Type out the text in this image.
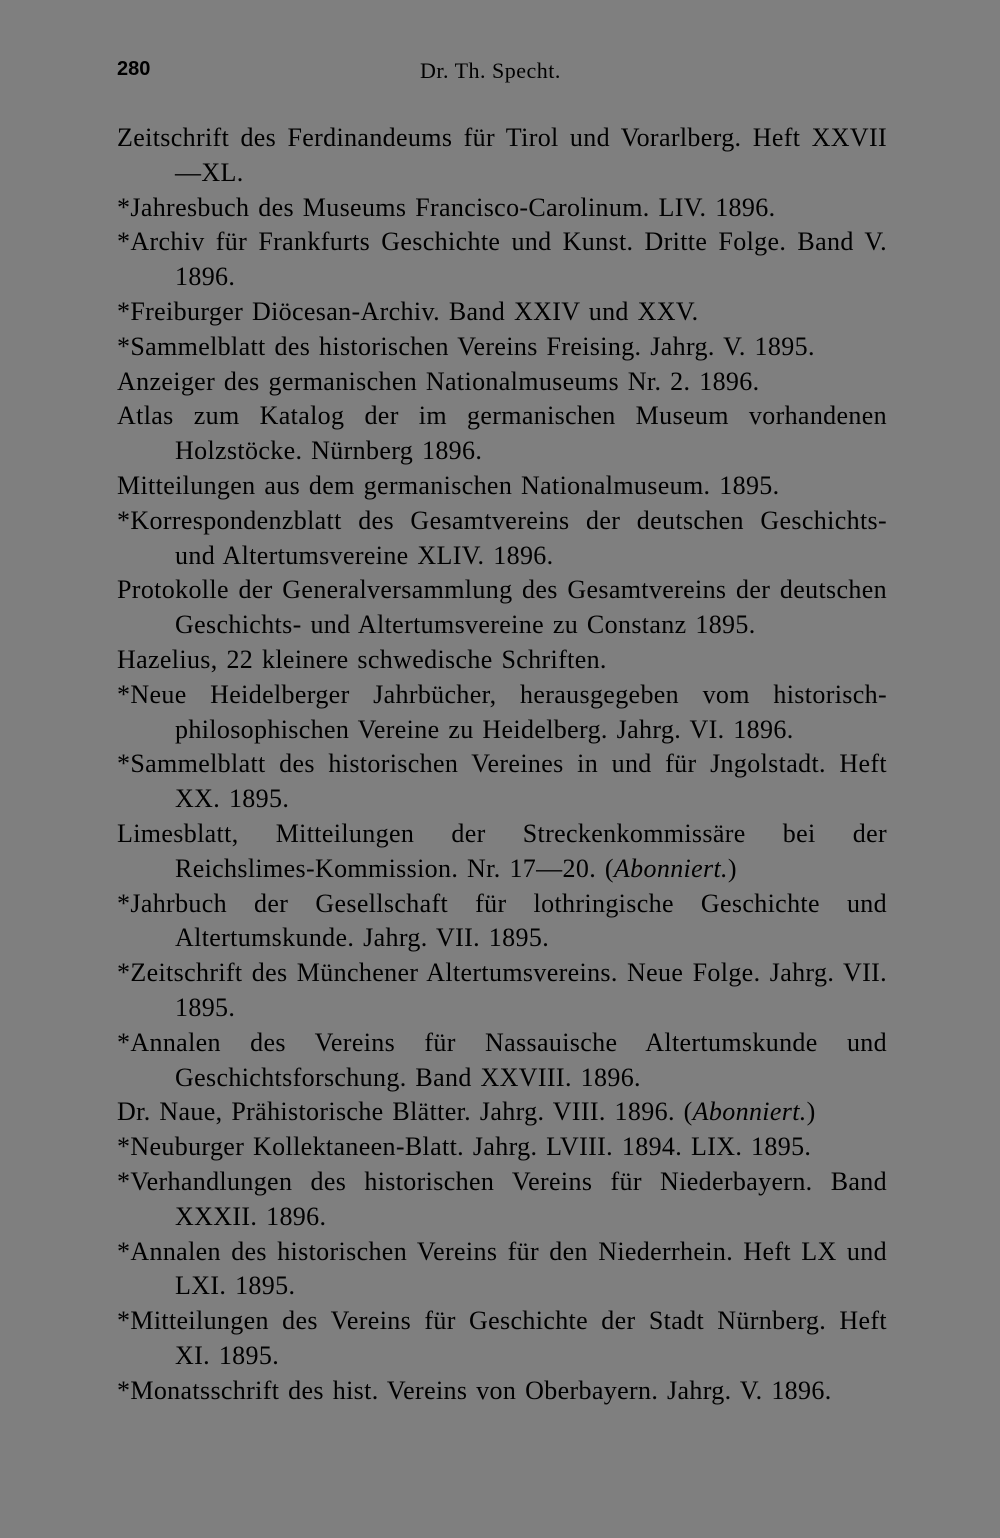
280	Dr. Th. Specht.
Zeitschrift des Ferdinandeums für Tirol und Vorarlberg. Heft XXVII—XL.
*Jahresbuch des Museums Francisco-Carolinum. LIV. 1896.
*Archiv für Frankfurts Geschichte und Kunst. Dritte Folge. Band V. 1896.
*Freiburger Diöcesan-Archiv. Band XXIV und XXV.
*Sammelblatt des historischen Vereins Freising. Jahrg. V. 1895.
Anzeiger des germanischen Nationalmuseums Nr. 2. 1896.
Atlas zum Katalog der im germanischen Museum vorhandenen Holzstöcke. Nürnberg 1896.
Mitteilungen aus dem germanischen Nationalmuseum. 1895.
*Korrespondenzblatt des Gesamtvereins der deutschen Geschichts- und Altertumsvereine XLIV. 1896.
Protokolle der Generalversammlung des Gesamtvereins der deutschen Geschichts- und Altertumsvereine zu Constanz 1895.
Hazelius, 22 kleinere schwedische Schriften.
*Neue Heidelberger Jahrbücher, herausgegeben vom historisch-philosophischen Vereine zu Heidelberg. Jahrg. VI. 1896.
*Sammelblatt des historischen Vereines in und für Jngolstadt. Heft XX. 1895.
Limesblatt, Mitteilungen der Streckenkommissäre bei der Reichslimes-Kommission. Nr. 17—20. (Abonniert.)
*Jahrbuch der Gesellschaft für lothringische Geschichte und Altertumskunde. Jahrg. VII. 1895.
*Zeitschrift des Münchener Altertumsvereins. Neue Folge. Jahrg. VII. 1895.
*Annalen des Vereins für Nassauische Altertumskunde und Geschichtsforschung. Band XXVIII. 1896.
Dr. Naue, Prähistorische Blätter. Jahrg. VIII. 1896. (Abonniert.)
*Neuburger Kollektaneen-Blatt. Jahrg. LVIII. 1894. LIX. 1895.
*Verhandlungen des historischen Vereins für Niederbayern. Band XXXII. 1896.
*Annalen des historischen Vereins für den Niederrhein. Heft LX und LXI. 1895.
*Mitteilungen des Vereins für Geschichte der Stadt Nürnberg. Heft XI. 1895.
*Monatsschrift des hist. Vereins von Oberbayern. Jahrg. V. 1896.
